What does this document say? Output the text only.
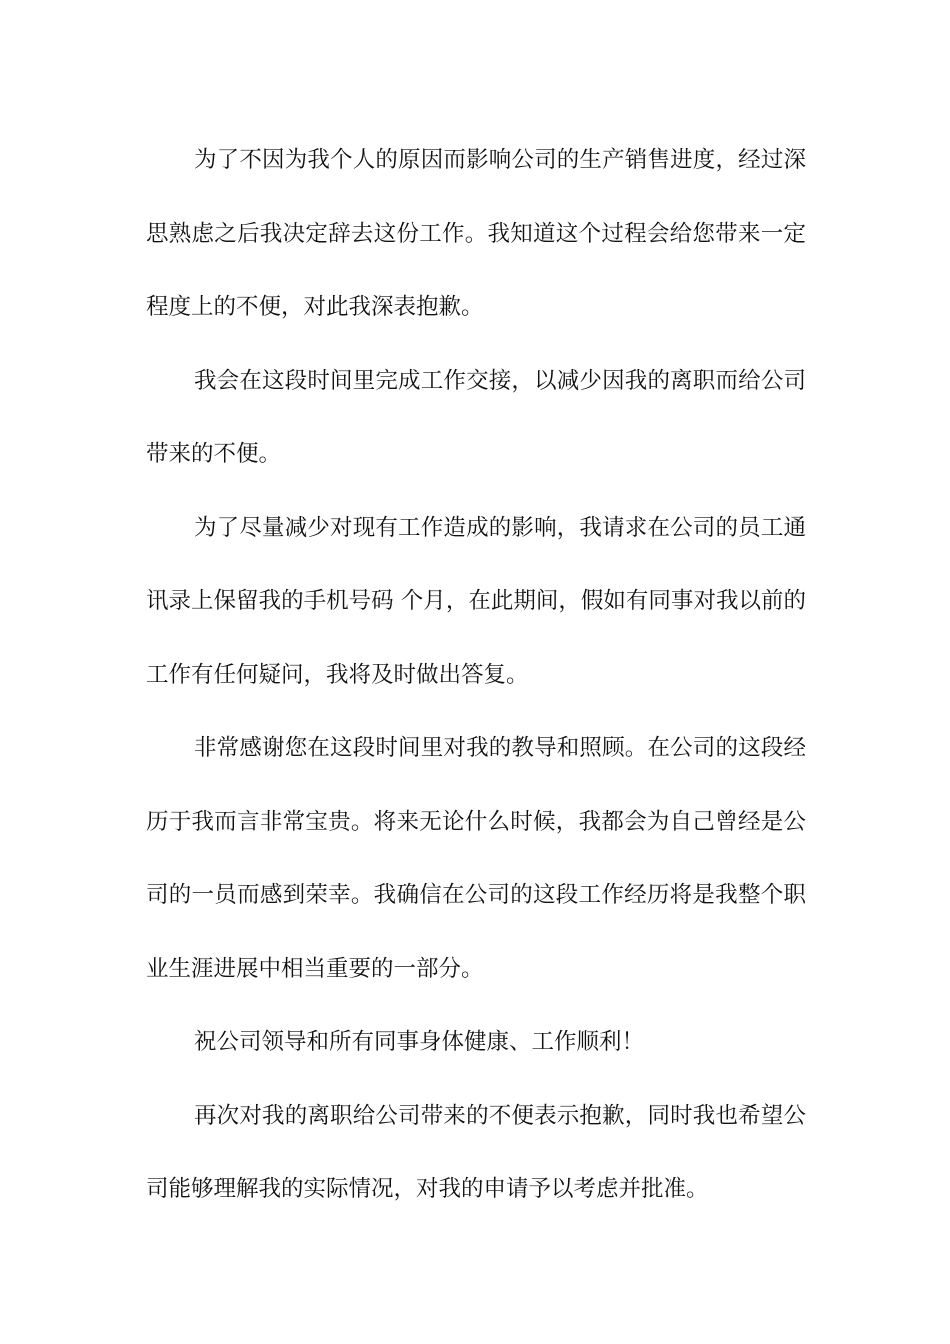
为了不因为我个人的原因而影响公司的生产销售进度，经过深思熟虑之后我决定辞去这份工作。我知道这个过程会给您带来一定程度上的不便，对此我深表抱歉。

我会在这段时间里完成工作交接，以减少因我的离职而给公司带来的不便。

为了尽量减少对现有工作造成的影响，我请求在公司的员工通讯录上保留我的手机号码 个月，在此期间，假如有同事对我以前的工作有任何疑问，我将及时做出答复。

非常感谢您在这段时间里对我的教导和照顾。在公司的这段经历于我而言非常宝贵。将来无论什么时候，我都会为自己曾经是公司的一员而感到荣幸。我确信在公司的这段工作经历将是我整个职业生涯进展中相当重要的一部分。

祝公司领导和所有同事身体健康、工作顺利！

再次对我的离职给公司带来的不便表示抱歉，同时我也希望公司能够理解我的实际情况，对我的申请予以考虑并批准。
